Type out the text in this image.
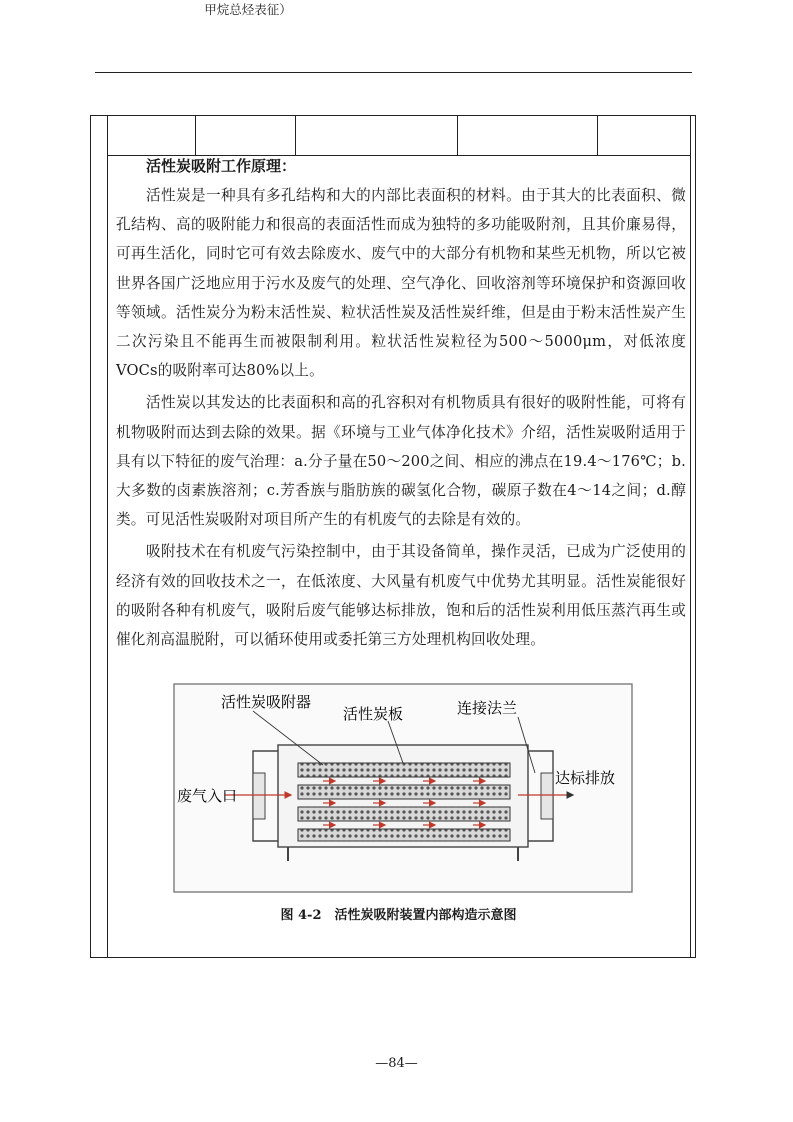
甲烷总烃表征）

活性炭吸附工作原理：

活性炭是一种具有多孔结构和大的内部比表面积的材料。由于其大的比表面积、微孔结构、高的吸附能力和很高的表面活性而成为独特的多功能吸附剂，且其价廉易得，可再生活化，同时它可有效去除废水、废气中的大部分有机物和某些无机物，所以它被世界各国广泛地应用于污水及废气的处理、空气净化、回收溶剂等环境保护和资源回收等领域。活性炭分为粉末活性炭、粒状活性炭及活性炭纤维，但是由于粉末活性炭产生二次污染且不能再生而被限制利用。粒状活性炭粒径为500～5000μm，对低浓度VOCs的吸附率可达80%以上。

活性炭以其发达的比表面积和高的孔容积对有机物质具有很好的吸附性能，可将有机物吸附而达到去除的效果。据《环境与工业气体净化技术》介绍，活性炭吸附适用于具有以下特征的废气治理：a.分子量在50～200之间、相应的沸点在19.4～176℃；b.大多数的卤素族溶剂；c.芳香族与脂肪族的碳氢化合物，碳原子数在4～14之间；d.醇类。可见活性炭吸附对项目所产生的有机废气的去除是有效的。

吸附技术在有机废气污染控制中，由于其设备简单，操作灵活，已成为广泛使用的经济有效的回收技术之一，在低浓度、大风量有机废气中优势尤其明显。活性炭能很好的吸附各种有机废气，吸附后废气能够达标排放，饱和后的活性炭利用低压蒸汽再生或催化剂高温脱附，可以循环使用或委托第三方处理机构回收处理。

活性炭吸附器
活性炭板	连接法兰
废气入口
达标排放
图 4-2　活性炭吸附装置内部构造示意图
—84—
